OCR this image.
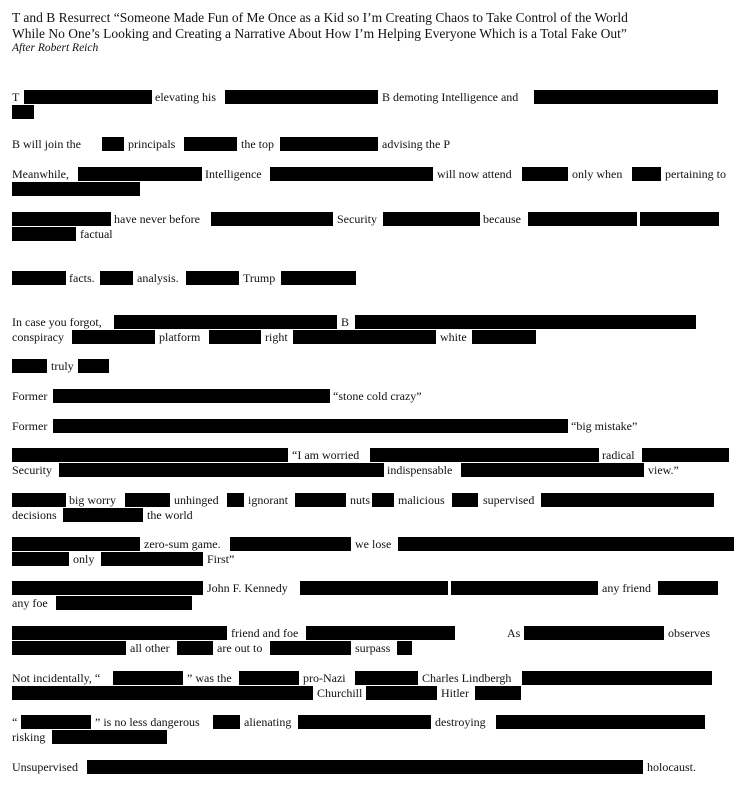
T and B Resurrect “Someone Made Fun of Me Once as a Kid so I’m Creating Chaos to Take Control of the World
While No One’s Looking and Creating a Narrative About How I’m Helping Everyone Which is a Total Fake Out”
After Robert Reich
T	elevating his	B demoting Intelligence and
B will join the	principals	the top	advising the P
Meanwhile,	Intelligence	will now attend	only when	pertaining to
have never before	Security	because
factual
facts.	analysis.	Trump
In case you forgot,	B
conspiracy	platform	right	white
truly
Former	“stone cold crazy”
Former	“big mistake”
“I am worried	radical
Security	indispensable	view.”
big worry	unhinged ignorant	nuts malicious	supervised
decisions	the world
zero-sum game.	we lose
only	First”
John F. Kennedy	any friend
any foe
friend and foe	As	observes
all other	are out to	surpass
Not incidentally, “	” was the	pro-Nazi	Charles Lindbergh
Churchill	Hitler
“	” is no less dangerous	alienating	destroying
risking
Unsupervised	holocaust.
